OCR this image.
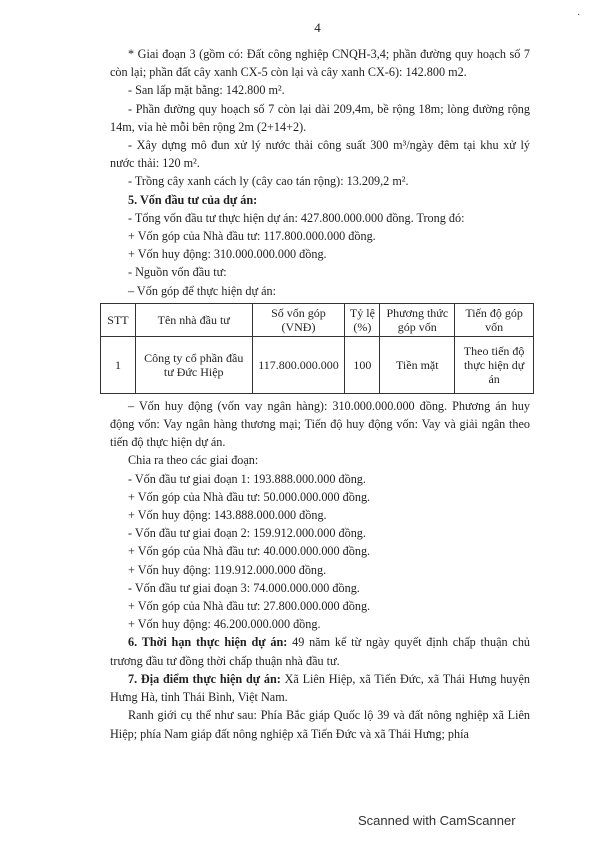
4
·

* Giai đoạn 3 (gồm có: Đất công nghiệp CNQH-3,4; phần đường quy hoạch số 7 còn lại; phần đất cây xanh CX-5 còn lại và cây xanh CX-6): 142.800 m2.

- San lấp mặt bằng: 142.800 m².

- Phần đường quy hoạch số 7 còn lại dài 209,4m, bề rộng 18m; lòng đường rộng 14m, vỉa hè mỗi bên rộng 2m (2+14+2).

- Xây dựng mô đun xử lý nước thải công suất 300 m³/ngày đêm tại khu xử lý nước thải: 120 m².

- Trồng cây xanh cách ly (cây cao tán rộng): 13.209,2 m².

5. Vốn đầu tư của dự án:

- Tổng vốn đầu tư thực hiện dự án: 427.800.000.000 đồng. Trong đó:

+ Vốn góp của Nhà đầu tư: 117.800.000.000 đồng.

+ Vốn huy động: 310.000.000.000 đồng.

- Nguồn vốn đầu tư:

– Vốn góp để thực hiện dự án:

STT	Tên nhà đầu tư	Số vốn góp (VNĐ)	Tỷ lệ (%)	Phương thức góp vốn	Tiến độ góp vốn
1	Công ty cổ phần đầu tư Đức Hiệp	117.800.000.000	100	Tiền mặt	Theo tiến độ thực hiện dự án

– Vốn huy động (vốn vay ngân hàng): 310.000.000.000 đồng. Phương án huy động vốn: Vay ngân hàng thương mại; Tiến độ huy động vốn: Vay và giải ngân theo tiến độ thực hiện dự án.

Chia ra theo các giai đoạn:

- Vốn đầu tư giai đoạn 1: 193.888.000.000 đồng.

+ Vốn góp của Nhà đầu tư: 50.000.000.000 đồng.

+ Vốn huy động: 143.888.000.000 đồng.

- Vốn đầu tư giai đoạn 2: 159.912.000.000 đồng.

+ Vốn góp của Nhà đầu tư: 40.000.000.000 đồng.

+ Vốn huy động: 119.912.000.000 đồng.

- Vốn đầu tư giai đoạn 3: 74.000.000.000 đồng.

+ Vốn góp của Nhà đầu tư: 27.800.000.000 đồng.

+ Vốn huy động: 46.200.000.000 đồng.

6. Thời hạn thực hiện dự án: 49 năm kể từ ngày quyết định chấp thuận chủ trương đầu tư đồng thời chấp thuận nhà đầu tư.

7. Địa điểm thực hiện dự án: Xã Liên Hiệp, xã Tiến Đức, xã Thái Hưng huyện Hưng Hà, tỉnh Thái Bình, Việt Nam.

Ranh giới cụ thể như sau: Phía Bắc giáp Quốc lộ 39 và đất nông nghiệp xã Liên Hiệp; phía Nam giáp đất nông nghiệp xã Tiến Đức và xã Thái Hưng; phía

Scanned with CamScanner
